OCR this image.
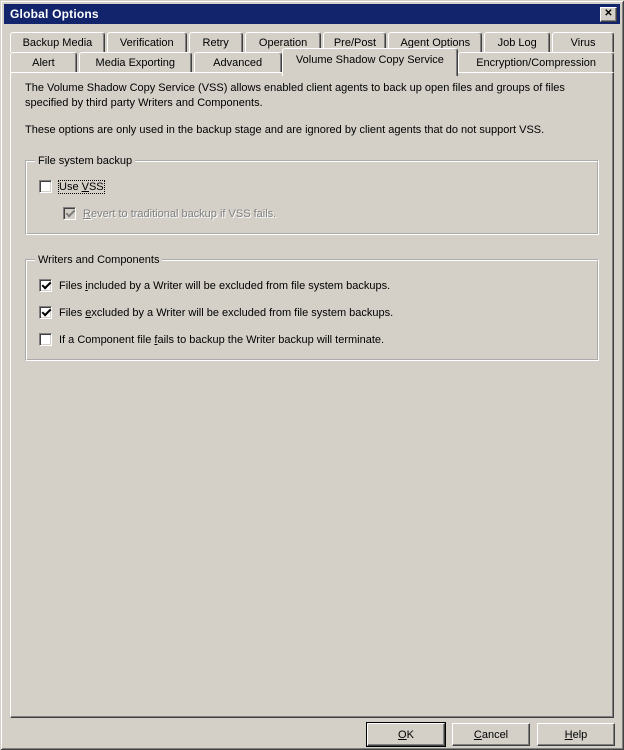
Global Options	✕
Backup Media	Verification	Retry	Operation Pre/Post Agent Options Job Log	Virus
Alert	Media Exporting	Advanced	Volume Shadow Copy Service	Encryption/Compression
The Volume Shadow Copy Service (VSS) allows enabled client agents to back up open files and groups of files specified by third party Writers and Components.
These options are only used in the backup stage and are ignored by client agents that do not support VSS.
File system backup
Use VSS
Revert to traditional backup if VSS fails.
Writers and Components
Files included by a Writer will be excluded from file system backups.
Files excluded by a Writer will be excluded from file system backups.
If a Component file fails to backup the Writer backup will terminate.
OK	Cancel	Help
